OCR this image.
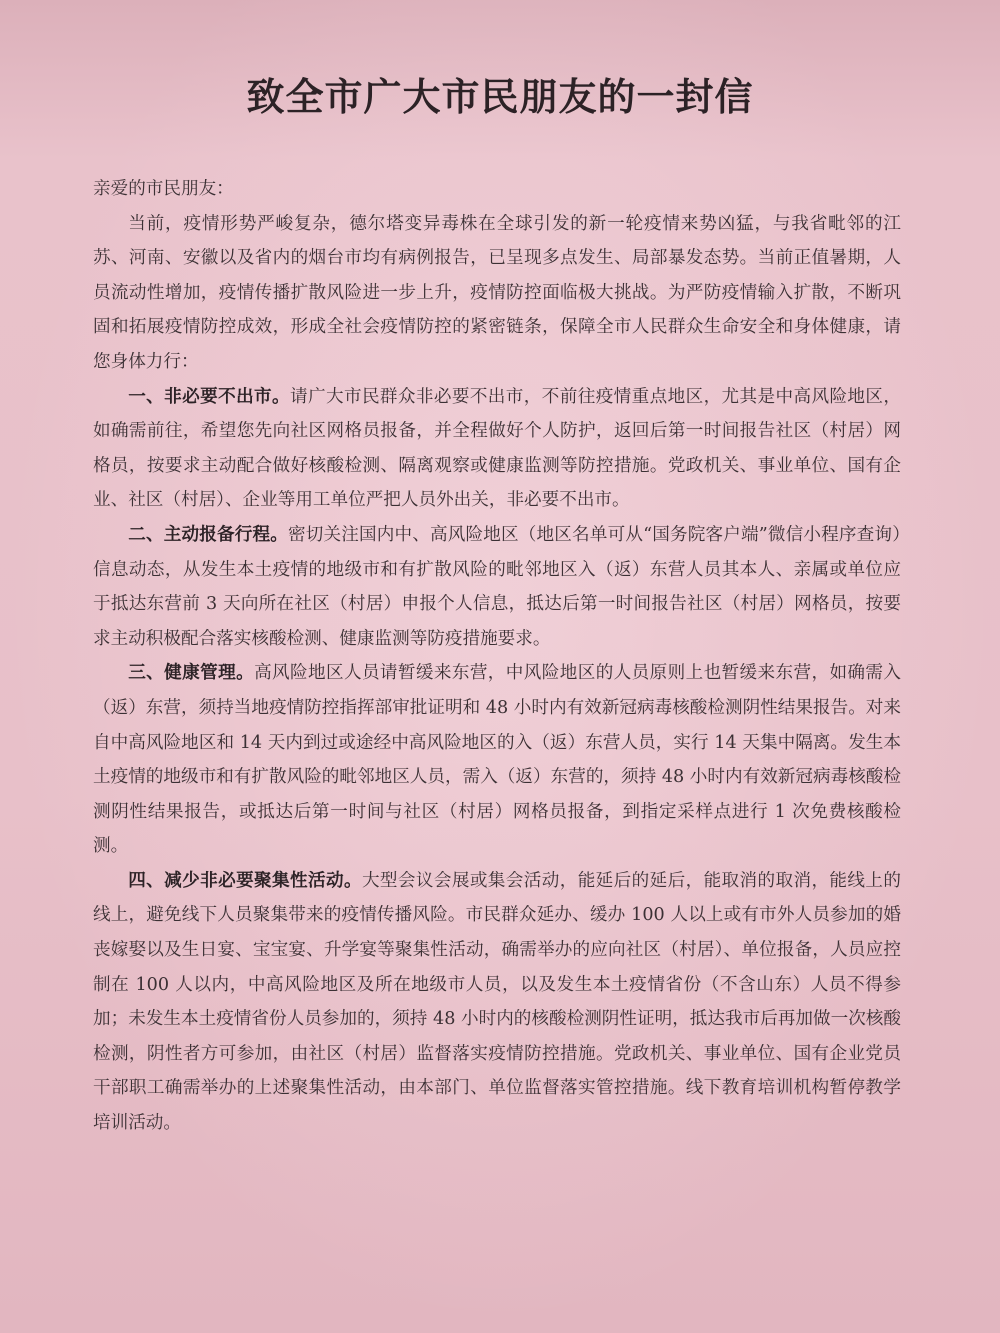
致全市广大市民朋友的一封信

亲爱的市民朋友：

当前，疫情形势严峻复杂，德尔塔变异毒株在全球引发的新一轮疫情来势凶猛，与我省毗邻的江苏、河南、安徽以及省内的烟台市均有病例报告，已呈现多点发生、局部暴发态势。当前正值暑期，人员流动性增加，疫情传播扩散风险进一步上升，疫情防控面临极大挑战。为严防疫情输入扩散，不断巩固和拓展疫情防控成效，形成全社会疫情防控的紧密链条，保障全市人民群众生命安全和身体健康，请您身体力行：

一、非必要不出市。请广大市民群众非必要不出市，不前往疫情重点地区，尤其是中高风险地区，如确需前往，希望您先向社区网格员报备，并全程做好个人防护，返回后第一时间报告社区（村居）网格员，按要求主动配合做好核酸检测、隔离观察或健康监测等防控措施。党政机关、事业单位、国有企业、社区（村居）、企业等用工单位严把人员外出关，非必要不出市。

二、主动报备行程。密切关注国内中、高风险地区（地区名单可从“国务院客户端”微信小程序查询）信息动态，从发生本土疫情的地级市和有扩散风险的毗邻地区入（返）东营人员其本人、亲属或单位应于抵达东营前 3 天向所在社区（村居）申报个人信息，抵达后第一时间报告社区（村居）网格员，按要求主动积极配合落实核酸检测、健康监测等防疫措施要求。

三、健康管理。高风险地区人员请暂缓来东营，中风险地区的人员原则上也暂缓来东营，如确需入（返）东营，须持当地疫情防控指挥部审批证明和 48 小时内有效新冠病毒核酸检测阴性结果报告。对来自中高风险地区和 14 天内到过或途经中高风险地区的入（返）东营人员，实行 14 天集中隔离。发生本土疫情的地级市和有扩散风险的毗邻地区人员，需入（返）东营的，须持 48 小时内有效新冠病毒核酸检测阴性结果报告，或抵达后第一时间与社区（村居）网格员报备，到指定采样点进行 1 次免费核酸检测。

四、减少非必要聚集性活动。大型会议会展或集会活动，能延后的延后，能取消的取消，能线上的线上，避免线下人员聚集带来的疫情传播风险。市民群众延办、缓办 100 人以上或有市外人员参加的婚丧嫁娶以及生日宴、宝宝宴、升学宴等聚集性活动，确需举办的应向社区（村居）、单位报备，人员应控制在 100 人以内，中高风险地区及所在地级市人员，以及发生本土疫情省份（不含山东）人员不得参加；未发生本土疫情省份人员参加的，须持 48 小时内的核酸检测阴性证明，抵达我市后再加做一次核酸检测，阴性者方可参加，由社区（村居）监督落实疫情防控措施。党政机关、事业单位、国有企业党员干部职工确需举办的上述聚集性活动，由本部门、单位监督落实管控措施。线下教育培训机构暂停教学培训活动。
